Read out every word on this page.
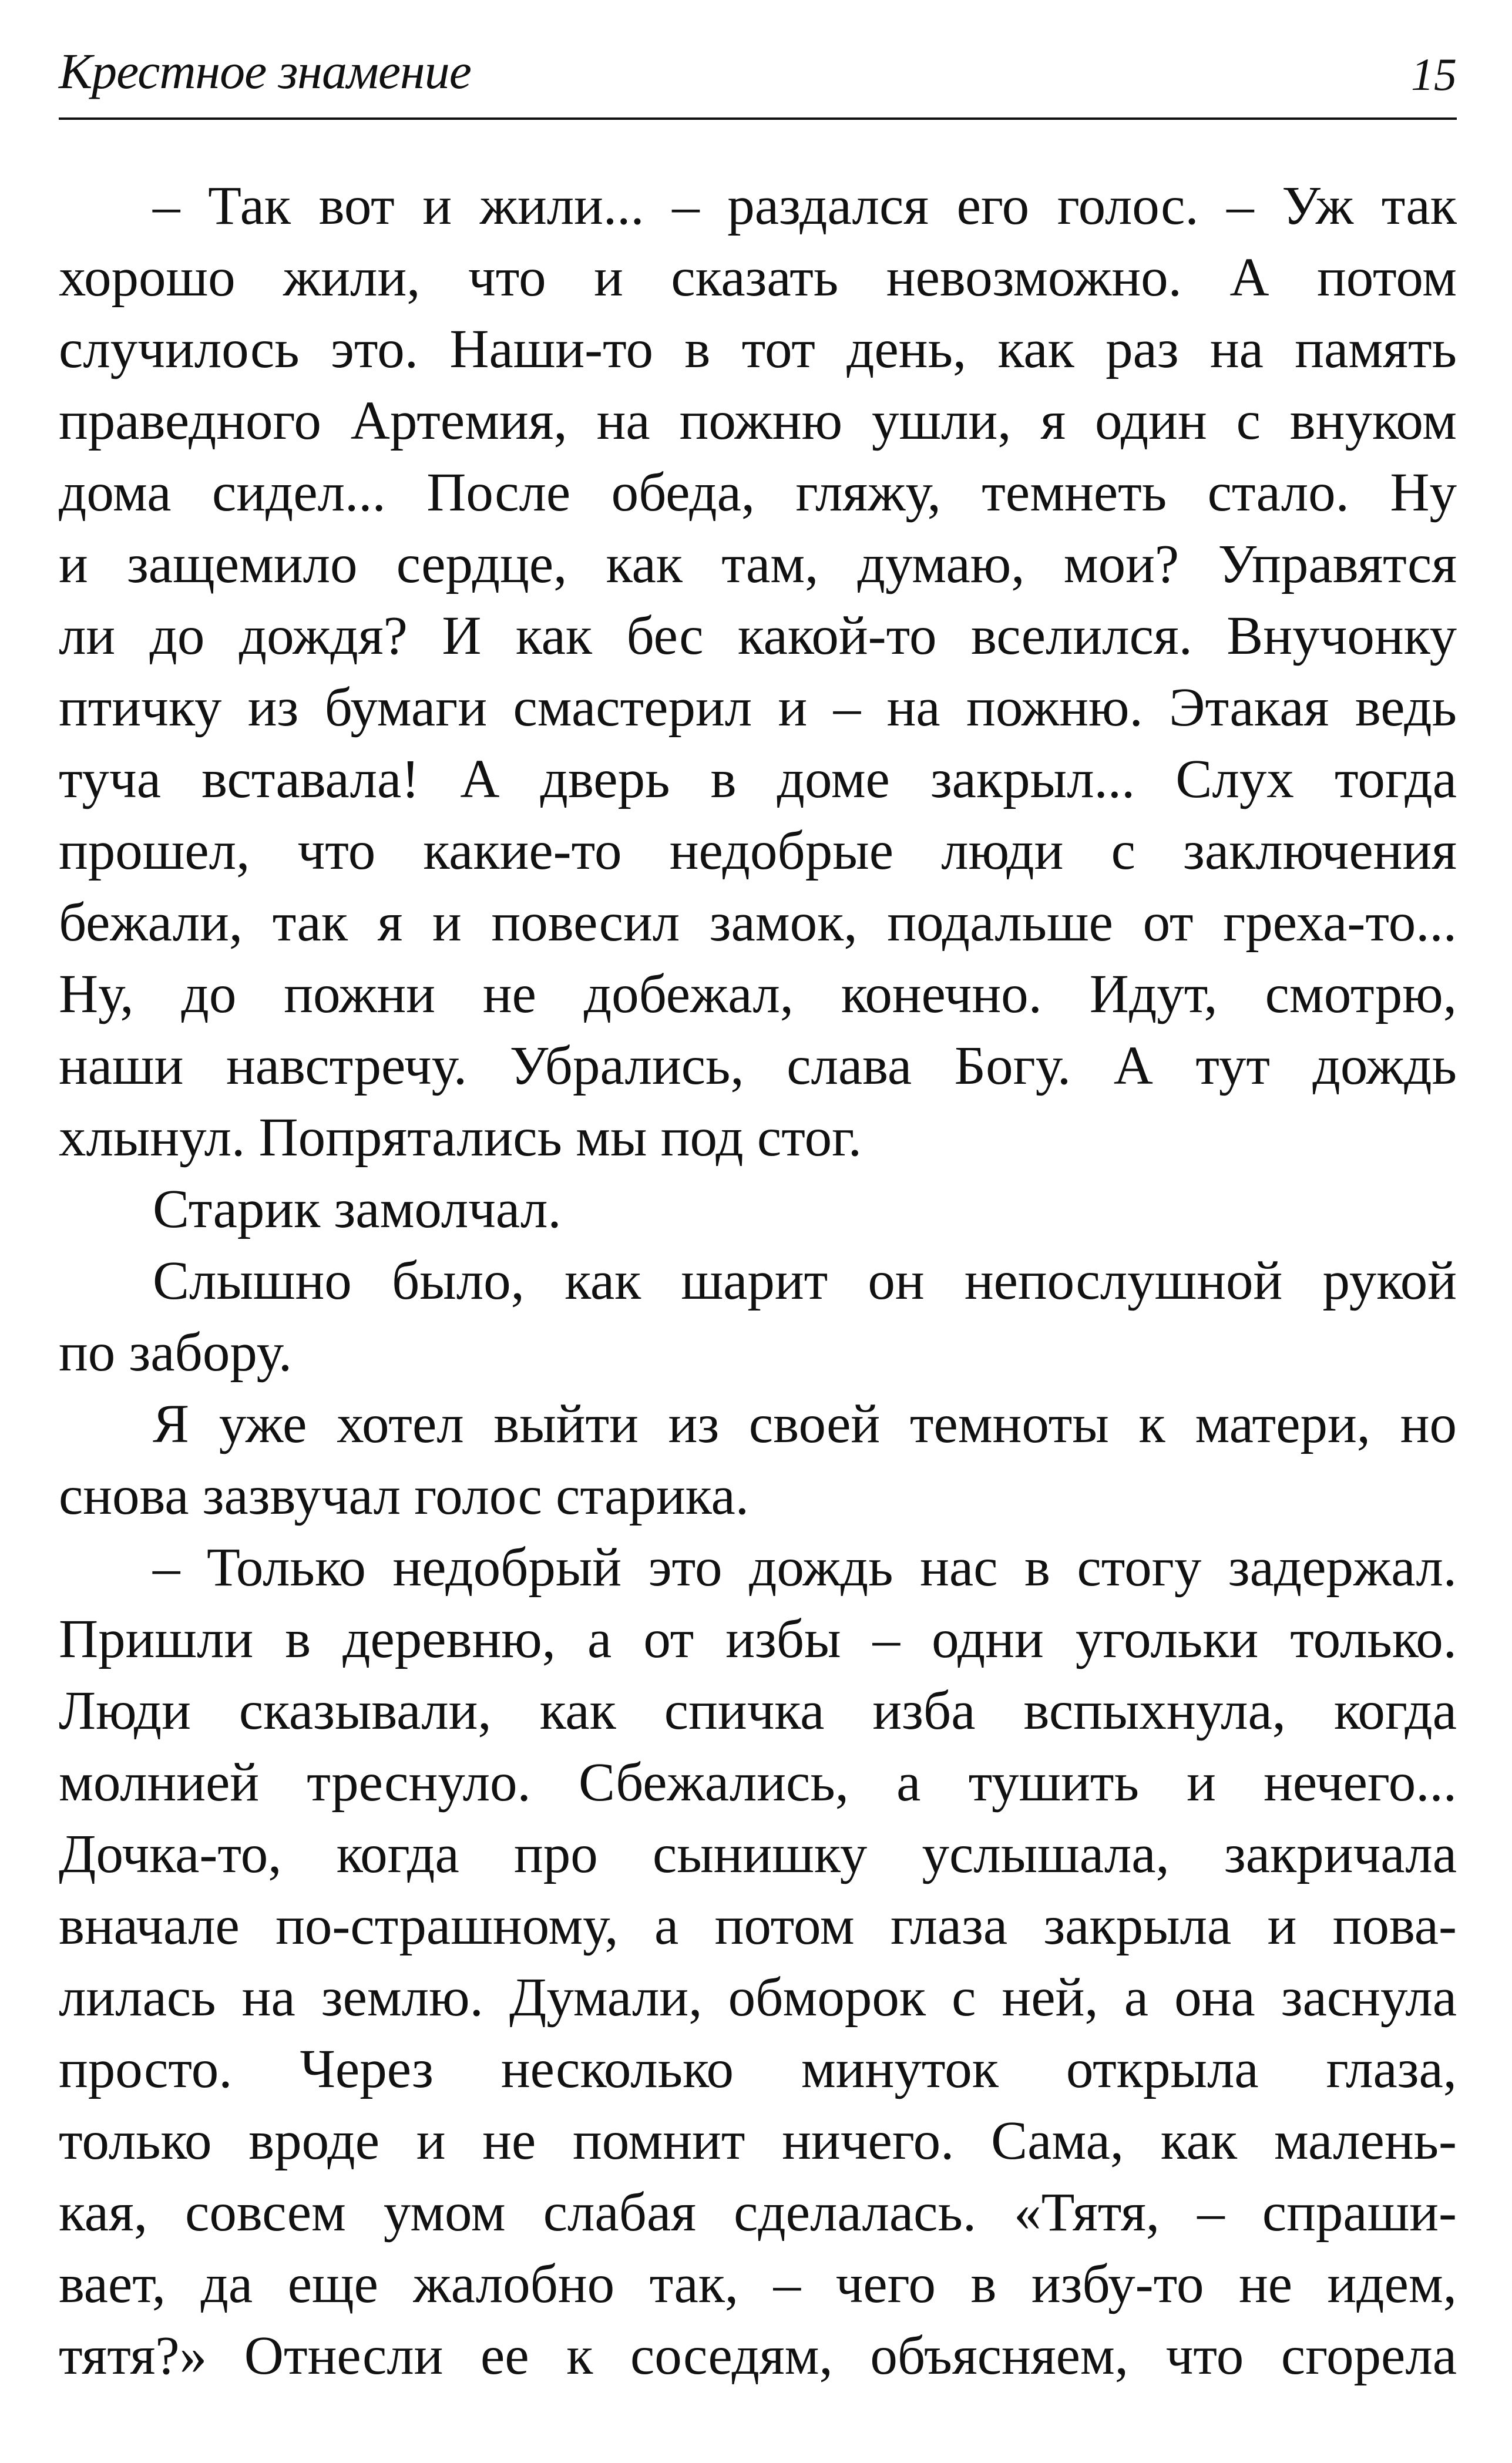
Крестное знамение	15
– Так вот и жили... – раздался его голос. – Уж так
хорошо жили, что и сказать невозможно. А потом
случилось это. Наши-то в тот день, как раз на память
праведного Артемия, на пожню ушли, я один с внуком
дома сидел... После обеда, гляжу, темнеть стало. Ну
и защемило сердце, как там, думаю, мои? Управятся
ли до дождя? И как бес какой-то вселился. Внучонку
птичку из бумаги смастерил и – на пожню. Этакая ведь
туча вставала! А дверь в доме закрыл... Слух тогда
прошел, что какие-то недобрые люди с заключения
бежали, так я и повесил замок, подальше от греха-то...
Ну, до пожни не добежал, конечно. Идут, смотрю,
наши навстречу. Убрались, слава Богу. А тут дождь
хлынул. Попрятались мы под стог.
Старик замолчал.
Слышно было, как шарит он непослушной рукой
по забору.
Я уже хотел выйти из своей темноты к матери, но
снова зазвучал голос старика.
– Только недобрый это дождь нас в стогу задержал.
Пришли в деревню, а от избы – одни угольки только.
Люди сказывали, как спичка изба вспыхнула, когда
молнией треснуло. Сбежались, а тушить и нечего...
Дочка-то, когда про сынишку услышала, закричала
вначале по-страшному, а потом глаза закрыла и пова-
лилась на землю. Думали, обморок с ней, а она заснула
просто. Через несколько минуток открыла глаза,
только вроде и не помнит ничего. Сама, как малень-
кая, совсем умом слабая сделалась. «Тятя, – спраши-
вает, да еще жалобно так, – чего в избу-то не идем,
тятя?» Отнесли ее к соседям, объясняем, что сгорела
